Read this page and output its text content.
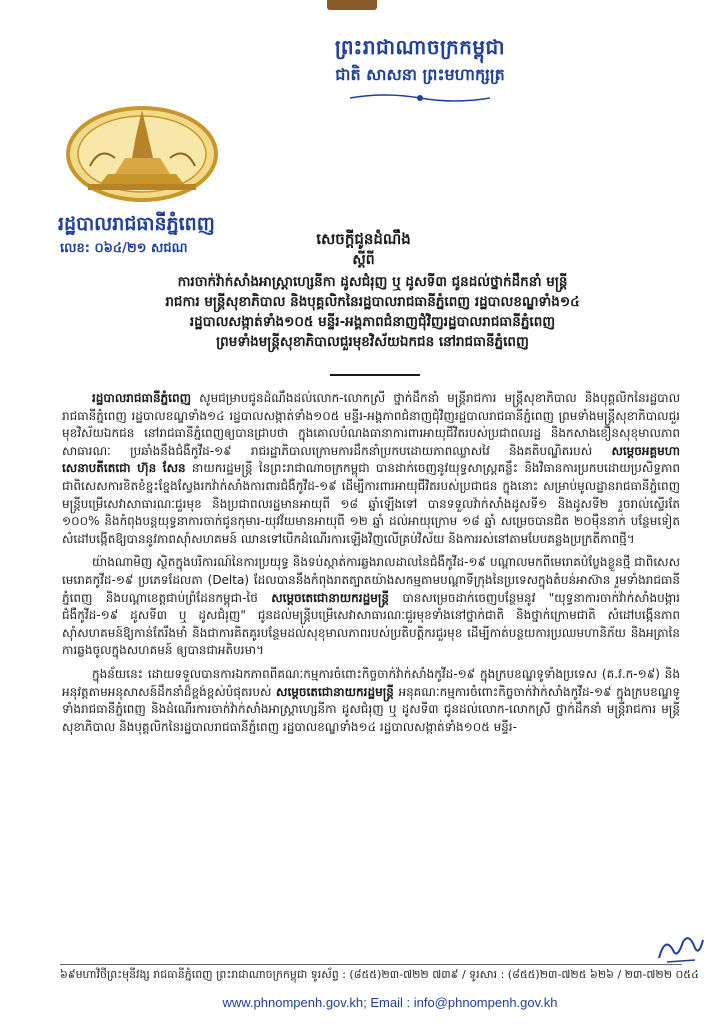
ព្រះរាជាណាចក្រកម្ពុជា
ជាតិ សាសនា ព្រះមហាក្សត្រ
រដ្ឋបាលរាជធានីភ្នំពេញ
លេខ: ០៦៤/២១ សជណ
សេចក្តីជូនដំណឹង
ស្តីពី
ការចាក់វ៉ាក់សាំងអាស្ត្រាហ្សេនីកា ដូសជំរុញ ឬ ដូសទី៣ ជូនដល់ថ្នាក់ដឹកនាំ មន្ត្រី
រាជការ មន្ត្រីសុខាភិបាល និងបុគ្គលិកនៃរដ្ឋបាលរាជធានីភ្នំពេញ រដ្ឋបាលខណ្ឌទាំង១៤
រដ្ឋបាលសង្កាត់ទាំង១០៥ មន្ទីរ-អង្គភាពជំនាញជុំវិញរដ្ឋបាលរាជធានីភ្នំពេញ
ព្រមទាំងមន្ត្រីសុខាភិបាលជួរមុខវិស័យឯកជន នៅរាជធានីភ្នំពេញ

រដ្ឋបាលរាជធានីភ្នំពេញ សូមជម្រាបជូនដំណឹងដល់លោក-លោកស្រី ថ្នាក់ដឹកនាំ មន្ត្រីរាជការ មន្ត្រីសុខាភិបាល និងបុគ្គលិកនៃរដ្ឋបាលរាជធានីភ្នំពេញ រដ្ឋបាលខណ្ឌទាំង១៤ រដ្ឋបាលសង្កាត់ទាំង១០៥ មន្ទីរ-អង្គភាពជំនាញជុំវិញរដ្ឋបាលរាជធានីភ្នំពេញ ព្រមទាំងមន្ត្រីសុខាភិបាលជួរមុខវិស័យឯកជន នៅរាជធានីភ្នំពេញឲ្យបានជ្រាបថា ក្នុងគោលបំណងធានាការពារអាយុជីវិតរបស់ប្រជាពលរដ្ឋ និងកសាងខឿនសុខុមាលភាពសាធារណៈ ប្រឆាំងនឹងជំងឺកូវីដ-១៩ រាជរដ្ឋាភិបាលក្រោមការដឹកនាំប្រកបដោយភាពឈ្លាសវៃ និងគតិបណ្ឌិតរបស់ សម្តេចអគ្គមហាសេនាបតីតេជោ ហ៊ុន សែន នាយករដ្ឋមន្ត្រី នៃព្រះរាជាណាចក្រកម្ពុជា បានដាក់ចេញនូវយុទ្ធសាស្ត្រគន្លឹះ និងវិធានការប្រកបដោយប្រសិទ្ធភាព ជាពិសេសការខិតខំខ្នះខ្នែងស្វែងរកវ៉ាក់សាំងការពារជំងឺកូវីដ-១៩ ដើម្បីការពារអាយុជីវិតរបស់ប្រជាជន ក្នុងនោះ សម្រាប់មូលដ្ឋានរាជធានីភ្នំពេញ មន្ត្រីបម្រើសេវាសាធារណៈជួរមុខ និងប្រជាពលរដ្ឋមានអាយុពី ១៨ ឆ្នាំឡើងទៅ បានទទួលវ៉ាក់សាំងដូសទី១ និងដូសទី២ រួចរាល់ស្ទើរតែ ១០០% និងកំពុងបន្តយុទ្ធនាការចាក់ជូនកុមារ-យុវវ័យមានអាយុពី ១២ ឆ្នាំ ដល់អាយុក្រោម ១៨ ឆ្នាំ សម្រេចបានជិត ២០ម៉ឺននាក់ បន្ថែមទៀត សំដៅបង្កើតឱ្យបាននូវភាពស៊ាំសហគមន៍ ឈានទៅបើកដំណើរការឡើងវិញលើគ្រប់វិស័យ និងការរស់នៅតាមបែបគន្លងប្រក្រតីភាពថ្មី។

យ៉ាងណាមិញ ស្ថិតក្នុងបរិការណ៍នៃការប្រយុទ្ធ និងទប់ស្កាត់ការឆ្លងរាលដាលនៃជំងឺកូវីដ-១៩ បណ្តាលមកពីមេរោគបំប្លែងខ្លួនថ្មី ជាពិសេសមេរោគកូវីដ-១៩ ប្រភេទដែលតា (Delta) ដែលបាននឹងកំពុងរាតត្បាតយ៉ាងសកម្មតាមបណ្តាទីក្រុងនៃប្រទេសក្នុងតំបន់អាស៊ាន រួមទាំងរាជធានីភ្នំពេញ និងបណ្តាខេត្តជាប់ព្រំដែនកម្ពុជា-ថៃ សម្តេចតេជោនាយករដ្ឋមន្ត្រី បានសម្រេចដាក់ចេញបន្ថែមនូវ "យុទ្ធនាការចាក់វ៉ាក់សាំងបង្ការជំងឺកូវីដ-១៩ ដូសទី៣ ឬ ដូសជំរុញ" ជូនដល់មន្ត្រីបម្រើសេវាសាធារណៈជួរមុខទាំងនៅថ្នាក់ជាតិ និងថ្នាក់ក្រោមជាតិ សំដៅបង្កើនភាពស៊ាំសហគមន៍ឱ្យកាន់តែរឹងមាំ និងជាការគិតគូរបន្ថែមដល់សុខុមាលភាពរបស់ប្រតិបត្តិករជួរមុខ ដើម្បីកាត់បន្ថយការប្រឈមហានិភ័យ និងអត្រានៃការឆ្លងចូលក្នុងសហគមន៍ ឲ្យបានជាអតិបរមា។

ក្នុងន័យនេះ ដោយទទួលបានការឯកភាពពីគណៈកម្មការចំពោះកិច្ចចាក់វ៉ាក់សាំងកូវីដ-១៩ ក្នុងក្របខណ្ឌទូទាំងប្រទេស (គ.វ.ក-១៩) និងអនុវត្តតាមអនុសាសន៍ដឹកនាំដ៏ខ្ពង់ខ្ពស់បំផុតរបស់ សម្តេចតេជោនាយករដ្ឋមន្ត្រី អនុគណៈកម្មការចំពោះកិច្ចចាក់វ៉ាក់សាំងកូវីដ-១៩ ក្នុងក្របខណ្ឌទូទាំងរាជធានីភ្នំពេញ និងដំណើរការចាក់វ៉ាក់សាំងអាស្ត្រាហ្សេនីកា ដូសជំរុញ ឬ ដូសទី៣ ជូនដល់លោក-លោកស្រី ថ្នាក់ដឹកនាំ មន្ត្រីរាជការ មន្ត្រីសុខាភិបាល និងបុគ្គលិកនៃរដ្ឋបាលរាជធានីភ្នំពេញ រដ្ឋបាលខណ្ឌទាំង១៤ រដ្ឋបាលសង្កាត់ទាំង១០៥ មន្ទីរ-

៦៩មហាវិថីព្រះមុនីវង្ស រាជធានីភ្នំពេញ ព្រះរាជាណាចក្រកម្ពុជា ទូរស័ព្ទ : (៨៥៥)២៣-៧២២ ៧៣៩ / ទូរសារ : (៨៥៥)២៣-៧២៥ ៦២៦ / ២៣-៧២២ ០៥៤
www.phnompenh.gov.kh; Email : info@phnompenh.gov.kh
